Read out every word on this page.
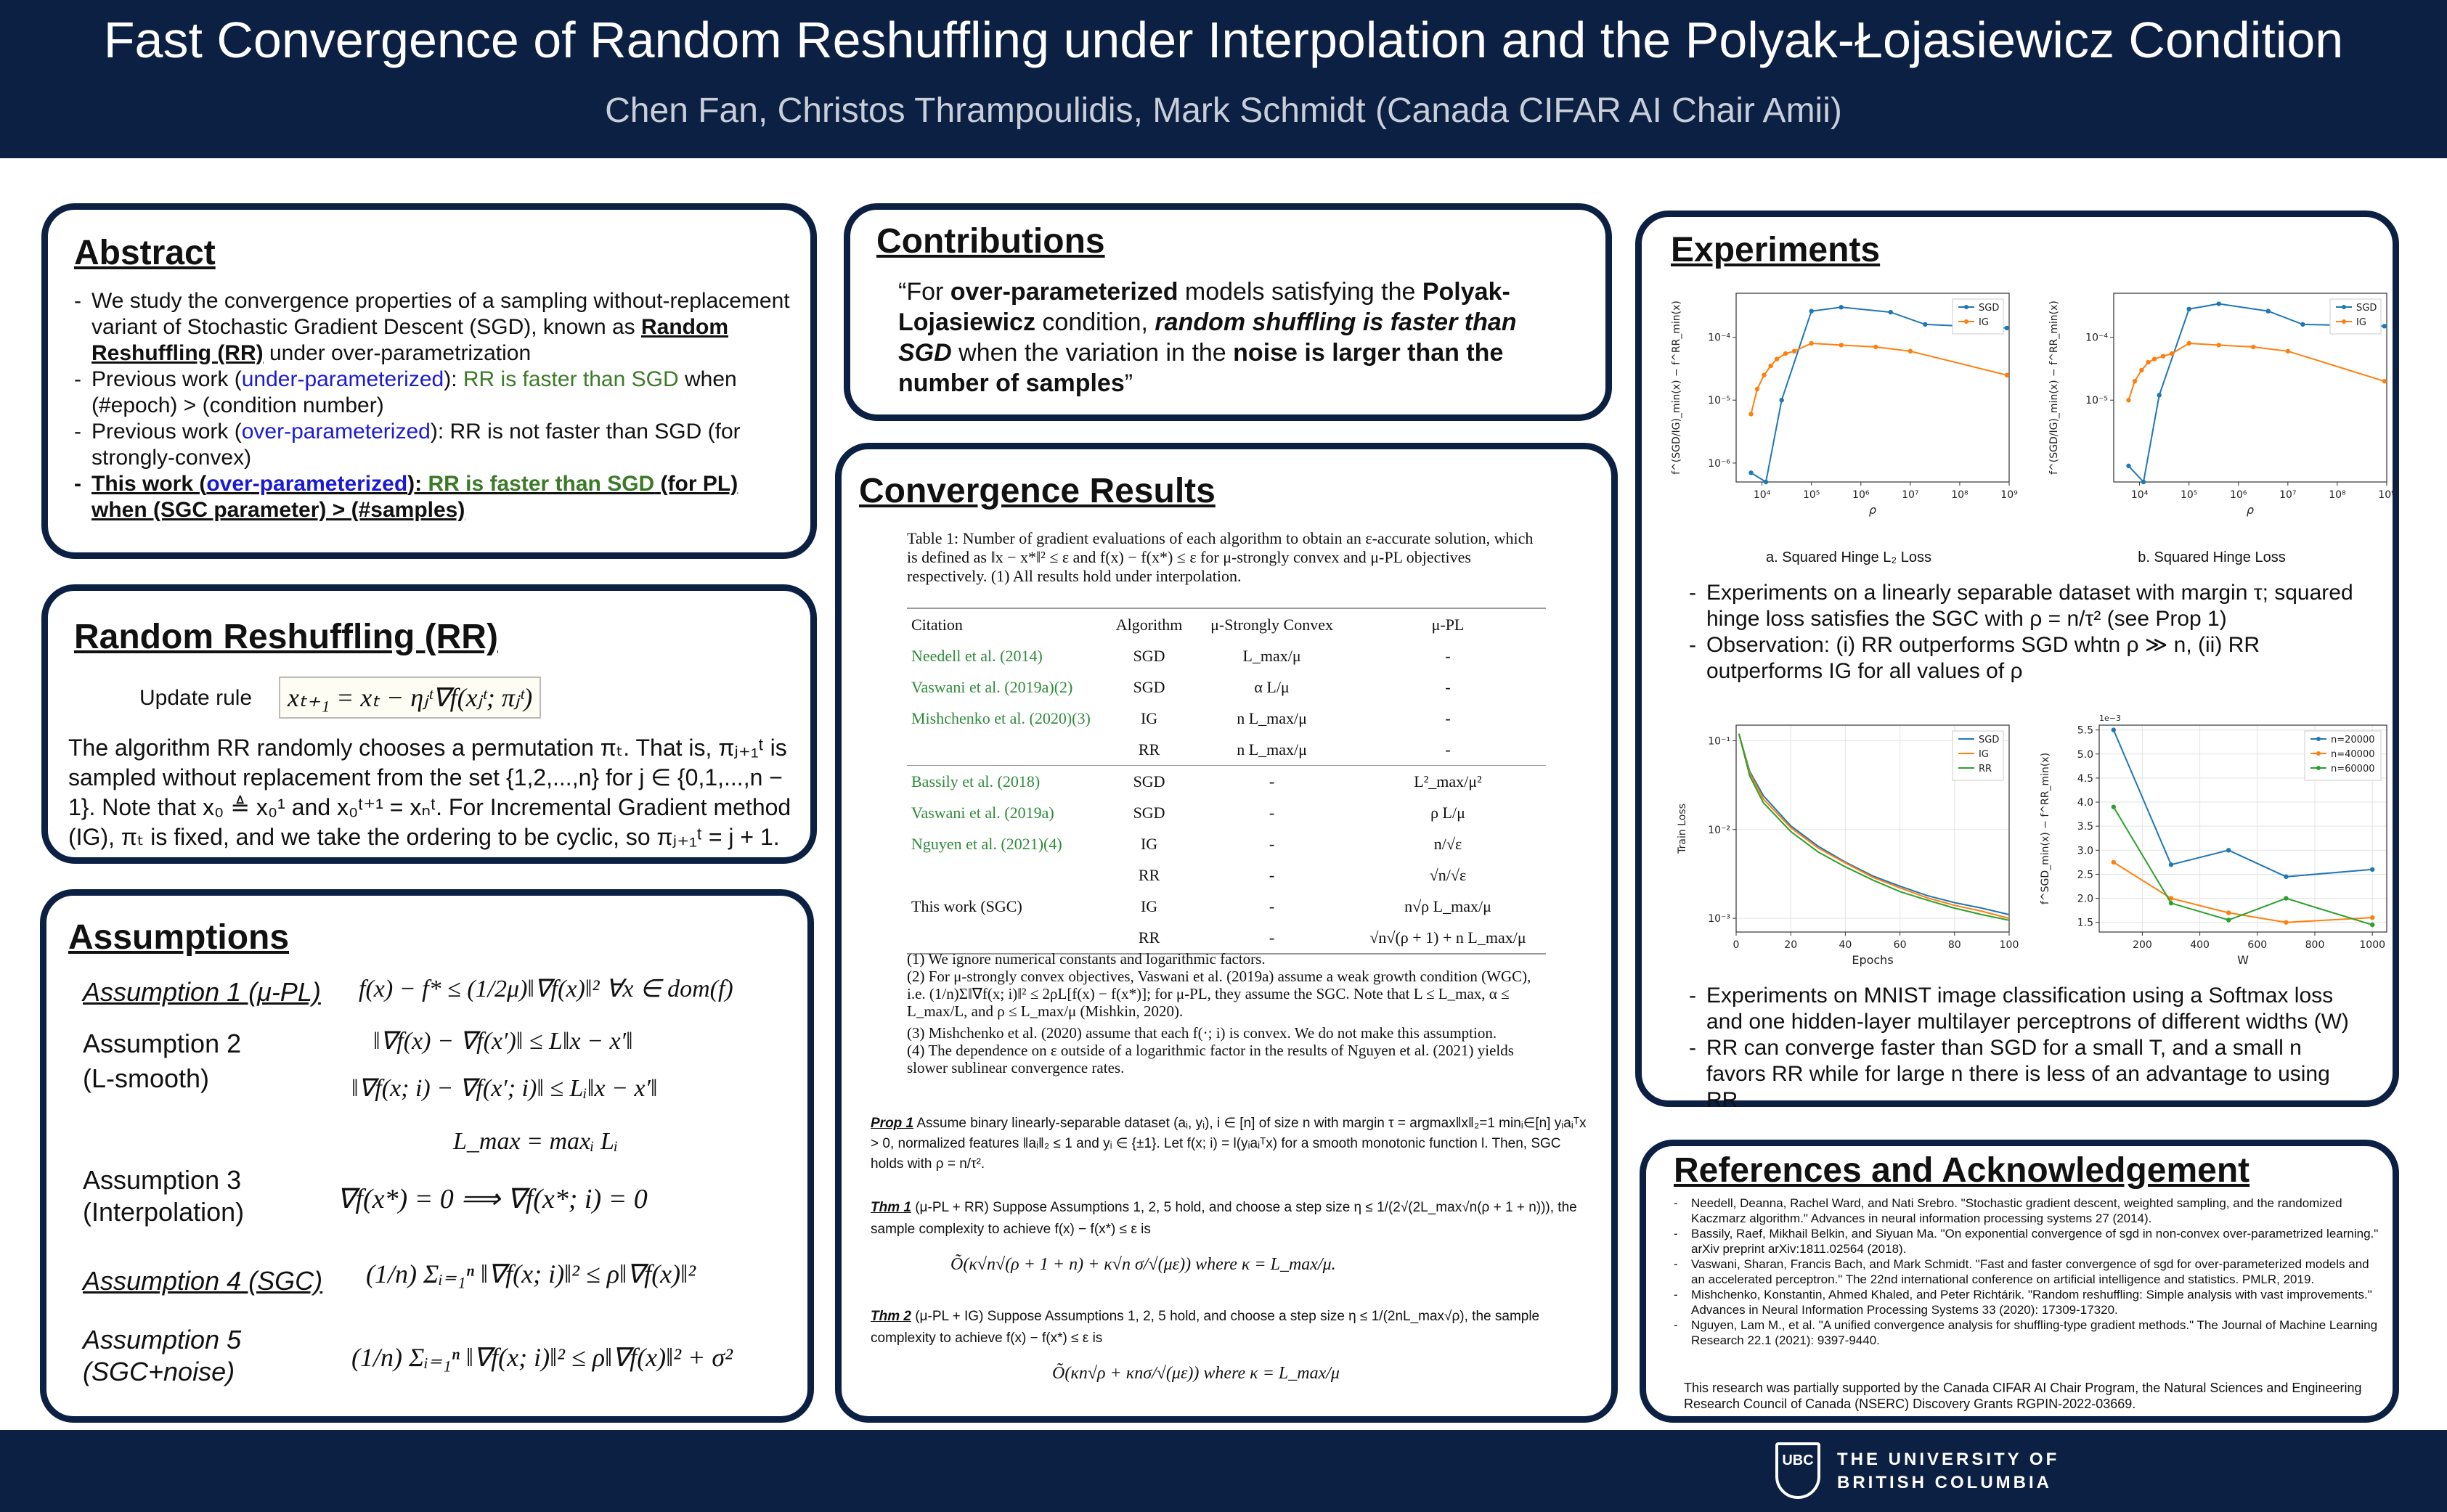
Fast Convergence of Random Reshuffling under Interpolation and the Polyak-Łojasiewicz Condition
Chen Fan, Christos Thrampoulidis, Mark Schmidt (Canada CIFAR AI Chair Amii)
Abstract
- We study the convergence properties of a sampling without-replacement variant of Stochastic Gradient Descent (SGD), known as Random Reshuffling (RR) under over-parametrization
- Previous work (under-parameterized): RR is faster than SGD when (#epoch) > (condition number)
- Previous work (over-parameterized): RR is not faster than SGD (for strongly-convex)
- This work (over-parameterized): RR is faster than SGD (for PL) when (SGC parameter) > (#samples)
Random Reshuffling (RR)
Update rule	xₜ₊₁ = xₜ − ηⱼᵗ∇f(xⱼᵗ; πⱼᵗ)
The algorithm RR randomly chooses a permutation πₜ. That is, πⱼ₊₁ᵗ is sampled without replacement from the set {1,2,...,n} for j ∈ {0,1,...,n − 1}. Note that x₀ ≜ x₀¹ and x₀ᵗ⁺¹ = xₙᵗ. For Incremental Gradient method (IG), πₜ is fixed, and we take the ordering to be cyclic, so πⱼ₊₁ᵗ = j + 1.
Assumptions
Assumption 1 (μ-PL) f(x) − f* ≤ (1/2μ)‖∇f(x)‖² ∀x ∈ dom(f)
Assumption 2
(L-smooth)
‖∇f(x) − ∇f(x′)‖ ≤ L‖x − x′‖
‖∇f(x; i) − ∇f(x′; i)‖ ≤ Lᵢ‖x − x′‖
L_max = maxᵢ Lᵢ
Assumption 3
(Interpolation)	∇f(x*) = 0 ⟹ ∇f(x*; i) = 0
Assumption 4 (SGC) (1/n) Σᵢ₌₁ⁿ ‖∇f(x; i)‖² ≤ ρ‖∇f(x)‖²
Assumption 5
(SGC+noise)	(1/n) Σᵢ₌₁ⁿ ‖∇f(x; i)‖² ≤ ρ‖∇f(x)‖² + σ²
Contributions
“For over-parameterized models satisfying the Polyak-Lojasiewicz condition, random shuffling is faster than SGD when the variation in the noise is larger than the number of samples”
Convergence Results
Table 1: Number of gradient evaluations of each algorithm to obtain an ε-accurate solution, which is defined as ‖x − x*‖² ≤ ε and f(x) − f(x*) ≤ ε for μ-strongly convex and μ-PL objectives respectively. (1) All results hold under interpolation.
Citation	Algorithm	μ-Strongly Convex	μ-PL
Needell et al. (2014)	SGD	L_max/μ	-
Vaswani et al. (2019a)(2)	SGD	α L/μ	-
Mishchenko et al. (2020)(3)	IG	n L_max/μ	-
	RR	n L_max/μ	-
Bassily et al. (2018)	SGD	-	L²_max/μ²
Vaswani et al. (2019a)	SGD	-	ρ L/μ
Nguyen et al. (2021)(4)	IG	-	n/√ε
	RR	-	√n/√ε
This work (SGC)	IG	-	n√ρ L_max/μ
	RR	-	√n√(ρ + 1) + n L_max/μ
(1) We ignore numerical constants and logarithmic factors.
(2) For μ-strongly convex objectives, Vaswani et al. (2019a) assume a weak growth condition (WGC), i.e. (1/n)Σ‖∇f(x; i)‖² ≤ 2ρL[f(x) − f(x*)]; for μ-PL, they assume the SGC. Note that L ≤ L_max, α ≤ L_max/L, and ρ ≤ L_max/μ (Mishkin, 2020).
(3) Mishchenko et al. (2020) assume that each f(·; i) is convex. We do not make this assumption.
(4) The dependence on ε outside of a logarithmic factor in the results of Nguyen et al. (2021) yields slower sublinear convergence rates.
Prop 1 Assume binary linearly-separable dataset (aᵢ, yᵢ), i ∈ [n] of size n with margin τ = argmax‖x‖₂=1 minᵢ∈[n] yᵢaᵢᵀx > 0, normalized features ‖aᵢ‖₂ ≤ 1 and yᵢ ∈ {±1}. Let f(x; i) = l(yᵢaᵢᵀx) for a smooth monotonic function l. Then, SGC holds with ρ = n/τ².
Thm 1 (μ-PL + RR) Suppose Assumptions 1, 2, 5 hold, and choose a step size η ≤ 1/(2√(2L_max√n(ρ + 1 + n))), the sample complexity to achieve f(x) − f(x*) ≤ ε is
Õ(κ√n√(ρ + 1 + n) + κ√n σ/√(με)) where κ = L_max/μ.
Thm 2 (μ-PL + IG) Suppose Assumptions 1, 2, 5 hold, and choose a step size η ≤ 1/(2nL_max√ρ), the sample complexity to achieve f(x) − f(x*) ≤ ε is
Õ(κn√ρ + κnσ/√(με)) where κ = L_max/μ
Experiments
10⁴	10⁵	10⁶	10⁷	10⁸	10⁹
10⁻⁶
10⁻⁵
10⁻⁴
ρ
f^(SGD/IG)_min(x) − f^RR_min(x)	SGD
IG
10⁴	10⁵	10⁶	10⁷	10⁸	10⁹
10⁻⁵
10⁻⁴
ρ
f^(SGD/IG)_min(x) − f^RR_min(x)	SGD
IG
a. Squared Hinge L₂ Loss	b. Squared Hinge Loss
- Experiments on a linearly separable dataset with margin τ; squared hinge loss satisfies the SGC with ρ = n/τ² (see Prop 1)
- Observation: (i) RR outperforms SGD whtn ρ ≫ n, (ii) RR outperforms IG for all values of ρ
0	20	40	60	80	100
10⁻³
10⁻²
10⁻¹
Epochs
Train Loss
SGD
IG
RR
200	400	600	800	1000
1.5
2.0
2.5
3.0
3.5
4.0
4.5
5.0
5.5
1e−3
W
f^SGD_min(x) − f^RR_min(x)
n=20000
n=40000
n=60000
- Experiments on MNIST image classification using a Softmax loss and one hidden-layer multilayer perceptrons of different widths (W)
- RR can converge faster than SGD for a small T, and a small n favors RR while for large n there is less of an advantage to using RR
References and Acknowledgement
- Needell, Deanna, Rachel Ward, and Nati Srebro. "Stochastic gradient descent, weighted sampling, and the randomized Kaczmarz algorithm." Advances in neural information processing systems 27 (2014).
- Bassily, Raef, Mikhail Belkin, and Siyuan Ma. "On exponential convergence of sgd in non-convex over-parametrized learning." arXiv preprint arXiv:1811.02564 (2018).
- Vaswani, Sharan, Francis Bach, and Mark Schmidt. "Fast and faster convergence of sgd for over-parameterized models and an accelerated perceptron." The 22nd international conference on artificial intelligence and statistics. PMLR, 2019.
- Mishchenko, Konstantin, Ahmed Khaled, and Peter Richtárik. "Random reshuffling: Simple analysis with vast improvements." Advances in Neural Information Processing Systems 33 (2020): 17309-17320.
- Nguyen, Lam M., et al. "A unified convergence analysis for shuffling-type gradient methods." The Journal of Machine Learning Research 22.1 (2021): 9397-9440.
This research was partially supported by the Canada CIFAR AI Chair Program, the Natural Sciences and Engineering Research Council of Canada (NSERC) Discovery Grants RGPIN-2022-03669.
UBC	THE UNIVERSITY OF
BRITISH COLUMBIA
